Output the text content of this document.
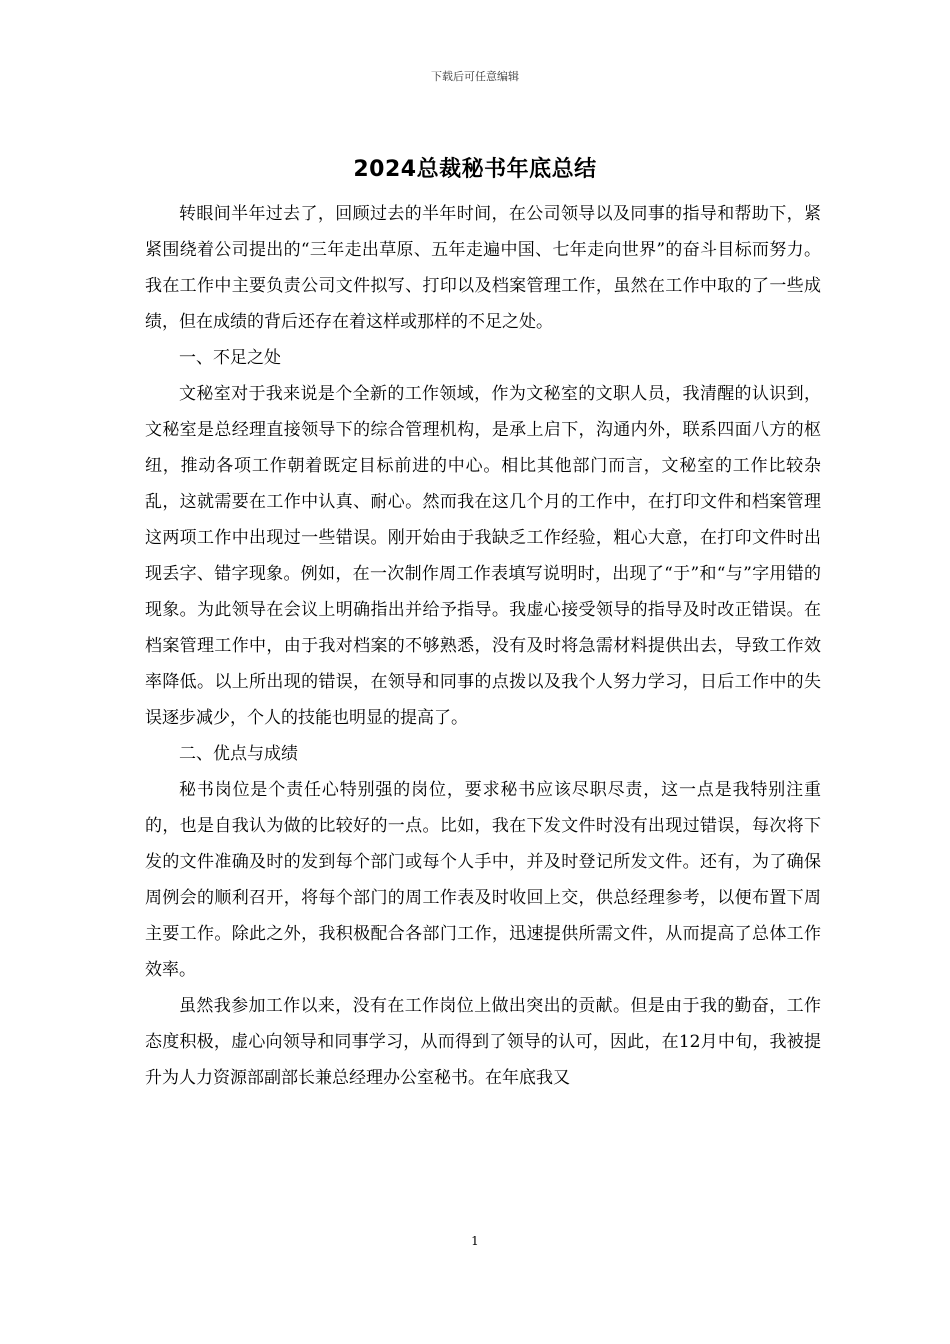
下载后可任意编辑
2024总裁秘书年底总结

转眼间半年过去了，回顾过去的半年时间，在公司领导以及同事的指导和帮助下，紧紧围绕着公司提出的“三年走出草原、五年走遍中国、七年走向世界”的奋斗目标而努力。我在工作中主要负责公司文件拟写、打印以及档案管理工作，虽然在工作中取的了一些成绩，但在成绩的背后还存在着这样或那样的不足之处。

一、不足之处

文秘室对于我来说是个全新的工作领域，作为文秘室的文职人员，我清醒的认识到，文秘室是总经理直接领导下的综合管理机构，是承上启下，沟通内外，联系四面八方的枢纽，推动各项工作朝着既定目标前进的中心。相比其他部门而言，文秘室的工作比较杂乱，这就需要在工作中认真、耐心。然而我在这几个月的工作中，在打印文件和档案管理这两项工作中出现过一些错误。刚开始由于我缺乏工作经验，粗心大意，在打印文件时出现丢字、错字现象。例如，在一次制作周工作表填写说明时，出现了“于”和“与”字用错的现象。为此领导在会议上明确指出并给予指导。我虚心接受领导的指导及时改正错误。在档案管理工作中，由于我对档案的不够熟悉，没有及时将急需材料提供出去，导致工作效率降低。以上所出现的错误，在领导和同事的点拨以及我个人努力学习，日后工作中的失误逐步减少，个人的技能也明显的提高了。

二、优点与成绩

秘书岗位是个责任心特别强的岗位，要求秘书应该尽职尽责，这一点是我特别注重的，也是自我认为做的比较好的一点。比如，我在下发文件时没有出现过错误，每次将下发的文件准确及时的发到每个部门或每个人手中，并及时登记所发文件。还有，为了确保周例会的顺利召开，将每个部门的周工作表及时收回上交，供总经理参考，以便布置下周主要工作。除此之外，我积极配合各部门工作，迅速提供所需文件，从而提高了总体工作效率。

虽然我参加工作以来，没有在工作岗位上做出突出的贡献。但是由于我的勤奋，工作态度积极，虚心向领导和同事学习，从而得到了领导的认可，因此，在12月中旬，我被提升为人力资源部副部长兼总经理办公室秘书。在年底我又

1
